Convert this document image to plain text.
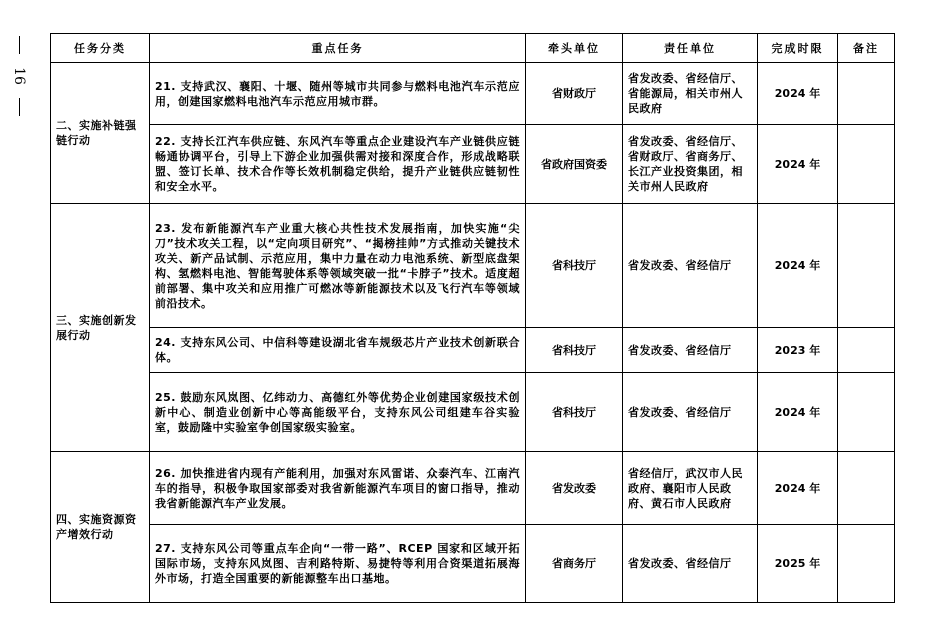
16
任务分类	重点任务	牵头单位	责任单位	完成时限	备注
二、实施补链强链行动	21. 支持武汉、襄阳、十堰、随州等城市共同参与燃料电池汽车示范应用，创建国家燃料电池汽车示范应用城市群。	省财政厅	省发改委、省经信厅、省能源局，相关市州人民政府	2024 年	
	22. 支持长江汽车供应链、东风汽车等重点企业建设汽车产业链供应链畅通协调平台，引导上下游企业加强供需对接和深度合作，形成战略联盟、签订长单、技术合作等长效机制稳定供给，提升产业链供应链韧性和安全水平。	省政府国资委	省发改委、省经信厅、省财政厅、省商务厅、长江产业投资集团，相关市州人民政府	2024 年	
三、实施创新发展行动	23. 发布新能源汽车产业重大核心共性技术发展指南，加快实施“尖刀”技术攻关工程，以“定向项目研究”、“揭榜挂帅”方式推动关键技术攻关、新产品试制、示范应用，集中力量在动力电池系统、新型底盘架构、氢燃料电池、智能驾驶体系等领域突破一批“卡脖子”技术。适度超前部署、集中攻关和应用推广可燃冰等新能源技术以及飞行汽车等领域前沿技术。	省科技厅	省发改委、省经信厅	2024 年	
	24. 支持东风公司、中信科等建设湖北省车规级芯片产业技术创新联合体。	省科技厅	省发改委、省经信厅	2023 年	
	25. 鼓励东风岚图、亿纬动力、高德红外等优势企业创建国家级技术创新中心、制造业创新中心等高能级平台，支持东风公司组建车谷实验室，鼓励隆中实验室争创国家级实验室。	省科技厅	省发改委、省经信厅	2024 年	
四、实施资源资产增效行动	26. 加快推进省内现有产能利用，加强对东风雷诺、众泰汽车、江南汽车的指导，积极争取国家部委对我省新能源汽车项目的窗口指导，推动我省新能源汽车产业发展。	省发改委	省经信厅，武汉市人民政府、襄阳市人民政府、黄石市人民政府	2024 年	
	27. 支持东风公司等重点车企向“一带一路”、RCEP 国家和区域开拓国际市场，支持东风岚图、吉利路特斯、易捷特等利用合资渠道拓展海外市场，打造全国重要的新能源整车出口基地。	省商务厅	省发改委、省经信厅	2025 年	
